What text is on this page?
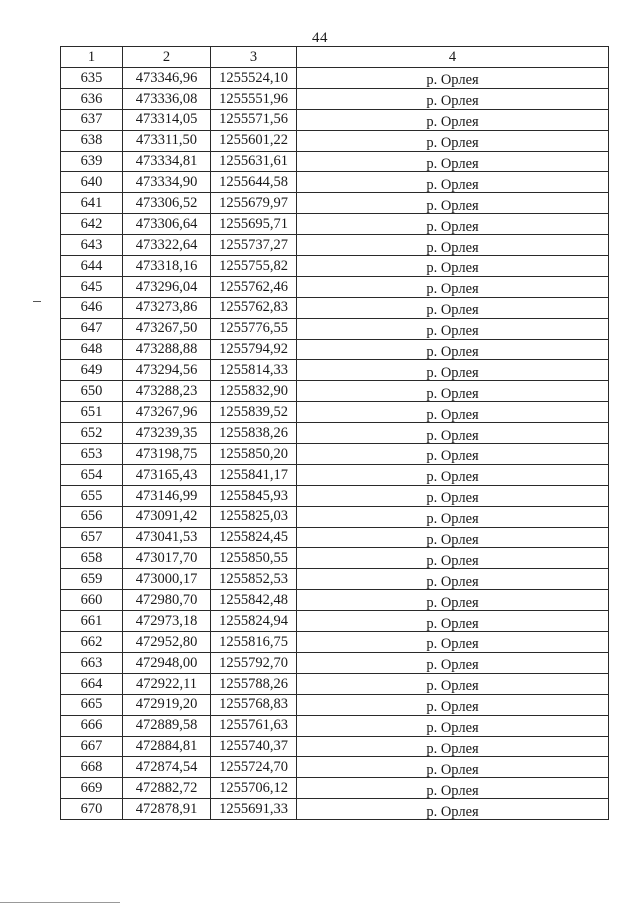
44
1	2	3	4
635	473346,96	1255524,10	р. Орлея
636	473336,08	1255551,96	р. Орлея
637	473314,05	1255571,56	р. Орлея
638	473311,50	1255601,22	р. Орлея
639	473334,81	1255631,61	р. Орлея
640	473334,90	1255644,58	р. Орлея
641	473306,52	1255679,97	р. Орлея
642	473306,64	1255695,71	р. Орлея
643	473322,64	1255737,27	р. Орлея
644	473318,16	1255755,82	р. Орлея
645	473296,04	1255762,46	р. Орлея
646	473273,86	1255762,83	р. Орлея
647	473267,50	1255776,55	р. Орлея
648	473288,88	1255794,92	р. Орлея
649	473294,56	1255814,33	р. Орлея
650	473288,23	1255832,90	р. Орлея
651	473267,96	1255839,52	р. Орлея
652	473239,35	1255838,26	р. Орлея
653	473198,75	1255850,20	р. Орлея
654	473165,43	1255841,17	р. Орлея
655	473146,99	1255845,93	р. Орлея
656	473091,42	1255825,03	р. Орлея
657	473041,53	1255824,45	р. Орлея
658	473017,70	1255850,55	р. Орлея
659	473000,17	1255852,53	р. Орлея
660	472980,70	1255842,48	р. Орлея
661	472973,18	1255824,94	р. Орлея
662	472952,80	1255816,75	р. Орлея
663	472948,00	1255792,70	р. Орлея
664	472922,11	1255788,26	р. Орлея
665	472919,20	1255768,83	р. Орлея
666	472889,58	1255761,63	р. Орлея
667	472884,81	1255740,37	р. Орлея
668	472874,54	1255724,70	р. Орлея
669	472882,72	1255706,12	р. Орлея
670	472878,91	1255691,33	р. Орлея
